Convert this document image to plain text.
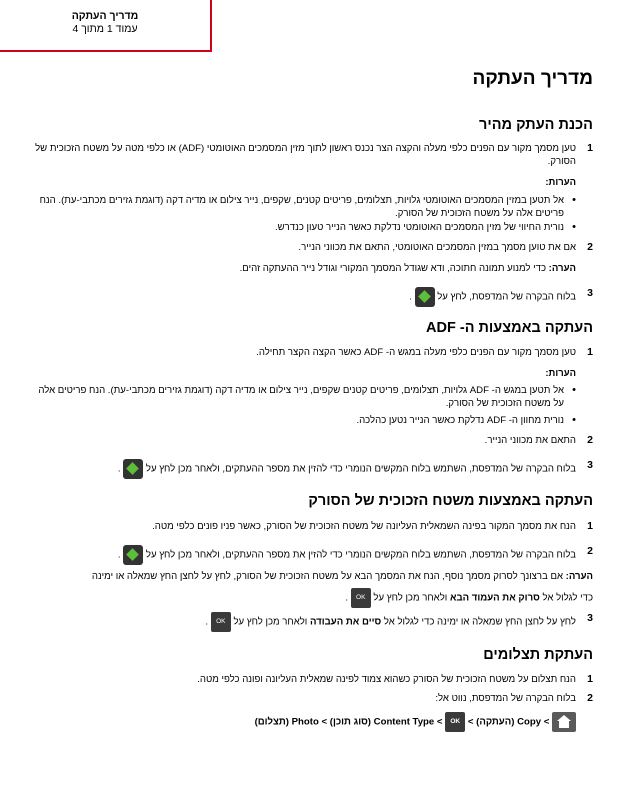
מדריך העתקה
עמוד 1 מתוך 4
מדריך העתקה
הכנת העתק מהיר
1
טען מסמך מקור עם הפנים כלפי מעלה והקצה הצר נכנס ראשון לתוך מזין המסמכים האוטומטי (ADF) או כלפי מטה על משטח הזכוכית של הסורק.
הערות:
• אל תטען במזין המסמכים האוטומטי גלויות, תצלומים, פריטים קטנים, שקפים, נייר צילום או מדיה דקה (דוגמת גזירים מכתבי-עת). הנח פריטים אלה על משטח הזכוכית של הסורק.
• נורית החיווי של מזין המסמכים האוטומטי נדלקת כאשר הנייר טעון כנדרש.
2
אם את טוען מסמך במזין המסמכים האוטומטי, התאם את מכווני הנייר.
הערה: כדי למנוע תמונה חתוכה, ודא שגודל המסמך המקורי וגודל נייר ההעתקה זהים.
3
בלוח הבקרה של המדפסת, לחץ על  .
העתקה באמצעות ה- ADF
1
טען מסמך מקור עם הפנים כלפי מעלה במגש ה- ADF כאשר הקצה הקצר תחילה.
הערות:
• אל תטען במגש ה- ADF גלויות, תצלומים, פריטים קטנים שקפים, נייר צילום או מדיה דקה (דוגמת גזירים מכתבי-עת). הנח פריטים אלה על משטח הזכוכית של הסורק.
• נורית מחוון ה- ADF נדלקת כאשר הנייר נטען כהלכה.
2
התאם את מכווני הנייר.
3
בלוח הבקרה של המדפסת, השתמש בלוח המקשים הנומרי כדי להזין את מספר ההעתקים, ולאחר מכן לחץ על  .
העתקה באמצעות משטח הזכוכית של הסורק
1
הנח את מסמך המקור בפינה השמאלית העליונה של משטח הזכוכית של הסורק, כאשר פניו פונים כלפי מטה.
2
בלוח הבקרה של המדפסת, השתמש בלוח המקשים הנומרי כדי להזין את מספר ההעתקים, ולאחר מכן לחץ על  .
הערה: אם ברצונך לסרוק מסמך נוסף, הנח את המסמך הבא על משטח הזכוכית של הסורק, לחץ על לחצן החץ שמאלה או ימינה
כדי לגלול אל סרוק את העמוד הבא ולאחר מכן לחץ על OK .
3
לחץ על לחצן החץ שמאלה או ימינה כדי לגלול אל סיים את העבודה ולאחר מכן לחץ על OK .
העתקת תצלומים
1
הנח תצלום על משטח הזכוכית של הסורק כשהוא צמוד לפינה שמאלית העליונה ופונה כלפי מטה.
2
בלוח הבקרה של המדפסת, נווט אל:
> Copy (העתקה) > OK > Content Type (סוג תוכן) > Photo (תצלום)
